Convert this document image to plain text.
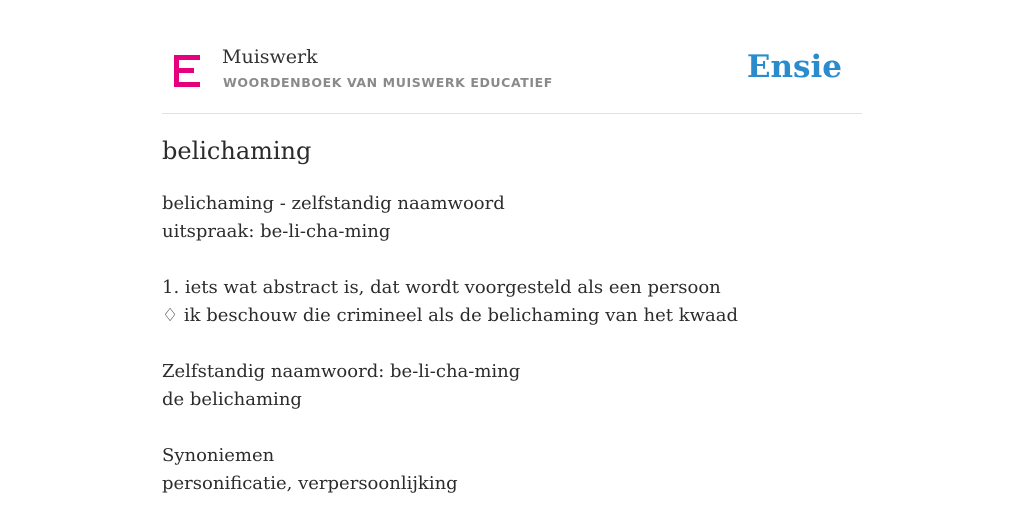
Muiswerk
WOORDENBOEK VAN MUISWERK EDUCATIEF	Ensie
belichaming
belichaming - zelfstandig naamwoord
uitspraak: be-li-cha-ming
1. iets wat abstract is, dat wordt voorgesteld als een persoon
♢ ik beschouw die crimineel als de belichaming van het kwaad
Zelfstandig naamwoord: be-li-cha-ming
de belichaming
Synoniemen
personificatie, verpersoonlijking
